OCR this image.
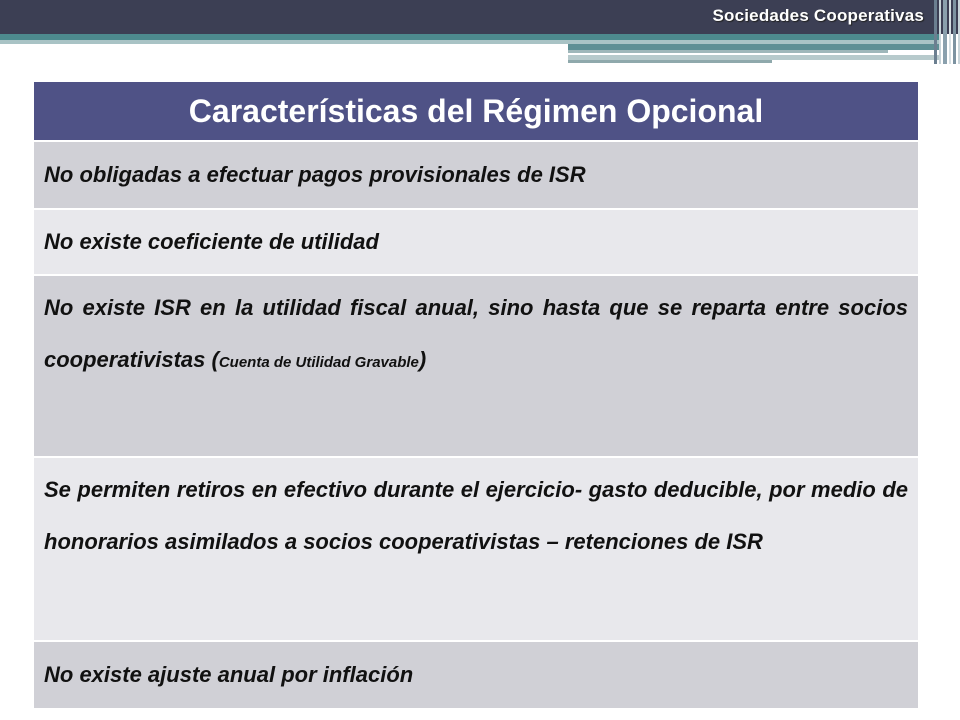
Sociedades Cooperativas
Características del Régimen Opcional
No obligadas a efectuar pagos provisionales de ISR
No existe coeficiente de utilidad
No existe ISR en la utilidad fiscal anual, sino hasta que se reparta entre socios cooperativistas (Cuenta de Utilidad Gravable)
Se permiten retiros en efectivo durante el ejercicio- gasto deducible, por medio de honorarios asimilados a socios cooperativistas – retenciones de ISR
No existe ajuste anual por inflación
